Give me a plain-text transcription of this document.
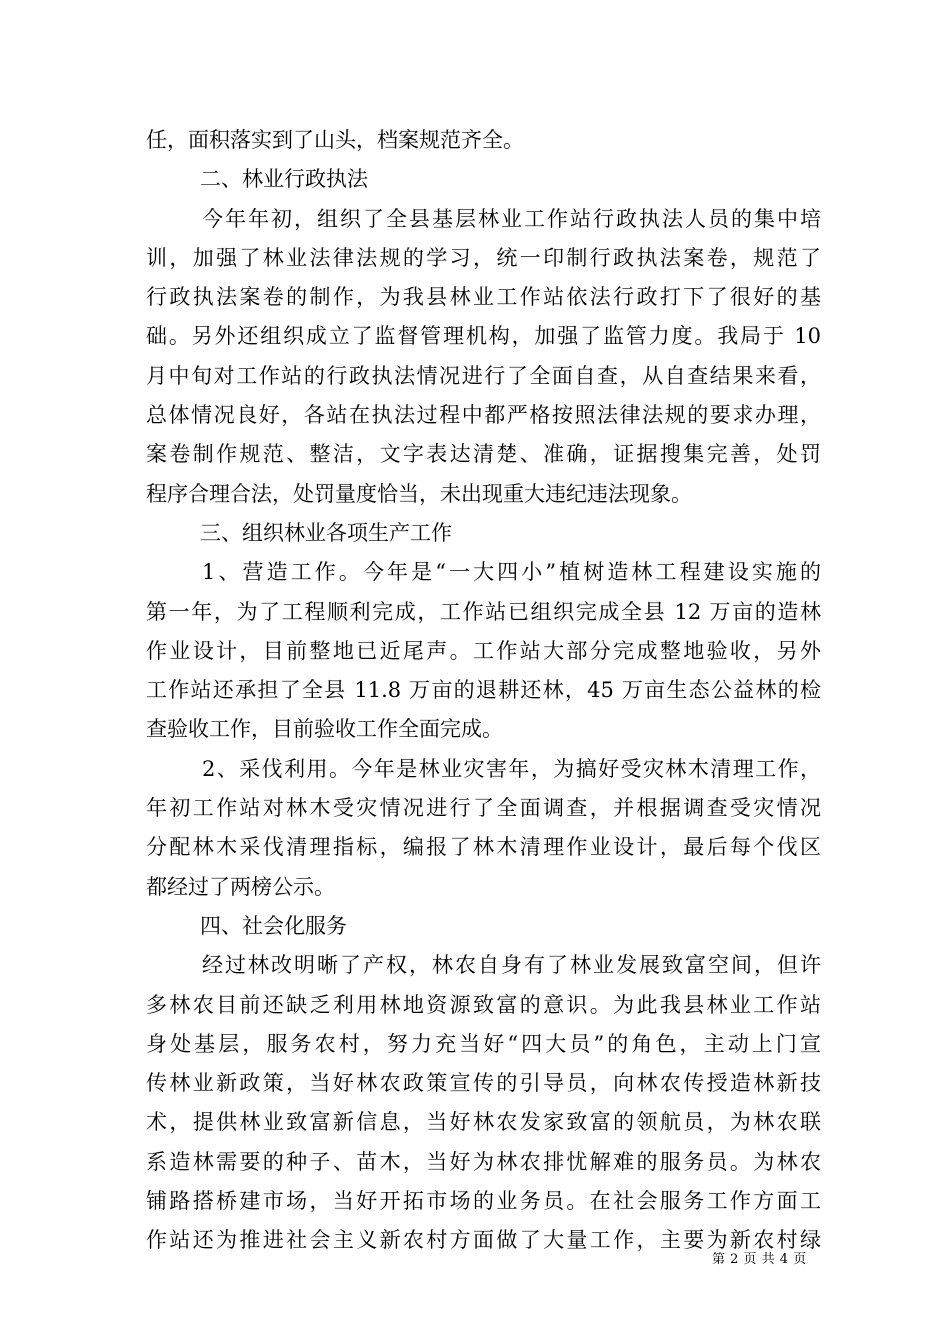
任，面积落实到了山头，档案规范齐全。
二、林业行政执法
今年年初，组织了全县基层林业工作站行政执法人员的集中培
训，加强了林业法律法规的学习，统一印制行政执法案卷，规范了
行政执法案卷的制作，为我县林业工作站依法行政打下了很好的基
础。另外还组织成立了监督管理机构，加强了监管力度。我局于 10
月中旬对工作站的行政执法情况进行了全面自查，从自查结果来看，
总体情况良好，各站在执法过程中都严格按照法律法规的要求办理，
案卷制作规范、整洁，文字表达清楚、准确，证据搜集完善，处罚
程序合理合法，处罚量度恰当，未出现重大违纪违法现象。
三、组织林业各项生产工作
1、营造工作。今年是“一大四小”植树造林工程建设实施的
第一年，为了工程顺利完成，工作站已组织完成全县 12 万亩的造林
作业设计，目前整地已近尾声。工作站大部分完成整地验收，另外
工作站还承担了全县 11.8 万亩的退耕还林，45 万亩生态公益林的检
查验收工作，目前验收工作全面完成。
2、采伐利用。今年是林业灾害年，为搞好受灾林木清理工作，
年初工作站对林木受灾情况进行了全面调查，并根据调查受灾情况
分配林木采伐清理指标，编报了林木清理作业设计，最后每个伐区
都经过了两榜公示。
四、社会化服务
经过林改明晰了产权，林农自身有了林业发展致富空间，但许
多林农目前还缺乏利用林地资源致富的意识。为此我县林业工作站
身处基层，服务农村，努力充当好“四大员”的角色，主动上门宣
传林业新政策，当好林农政策宣传的引导员，向林农传授造林新技
术，提供林业致富新信息，当好林农发家致富的领航员，为林农联
系造林需要的种子、苗木，当好为林农排忧解难的服务员。为林农
铺路搭桥建市场，当好开拓市场的业务员。在社会服务工作方面工
作站还为推进社会主义新农村方面做了大量工作，主要为新农村绿
第 2 页 共 4 页
